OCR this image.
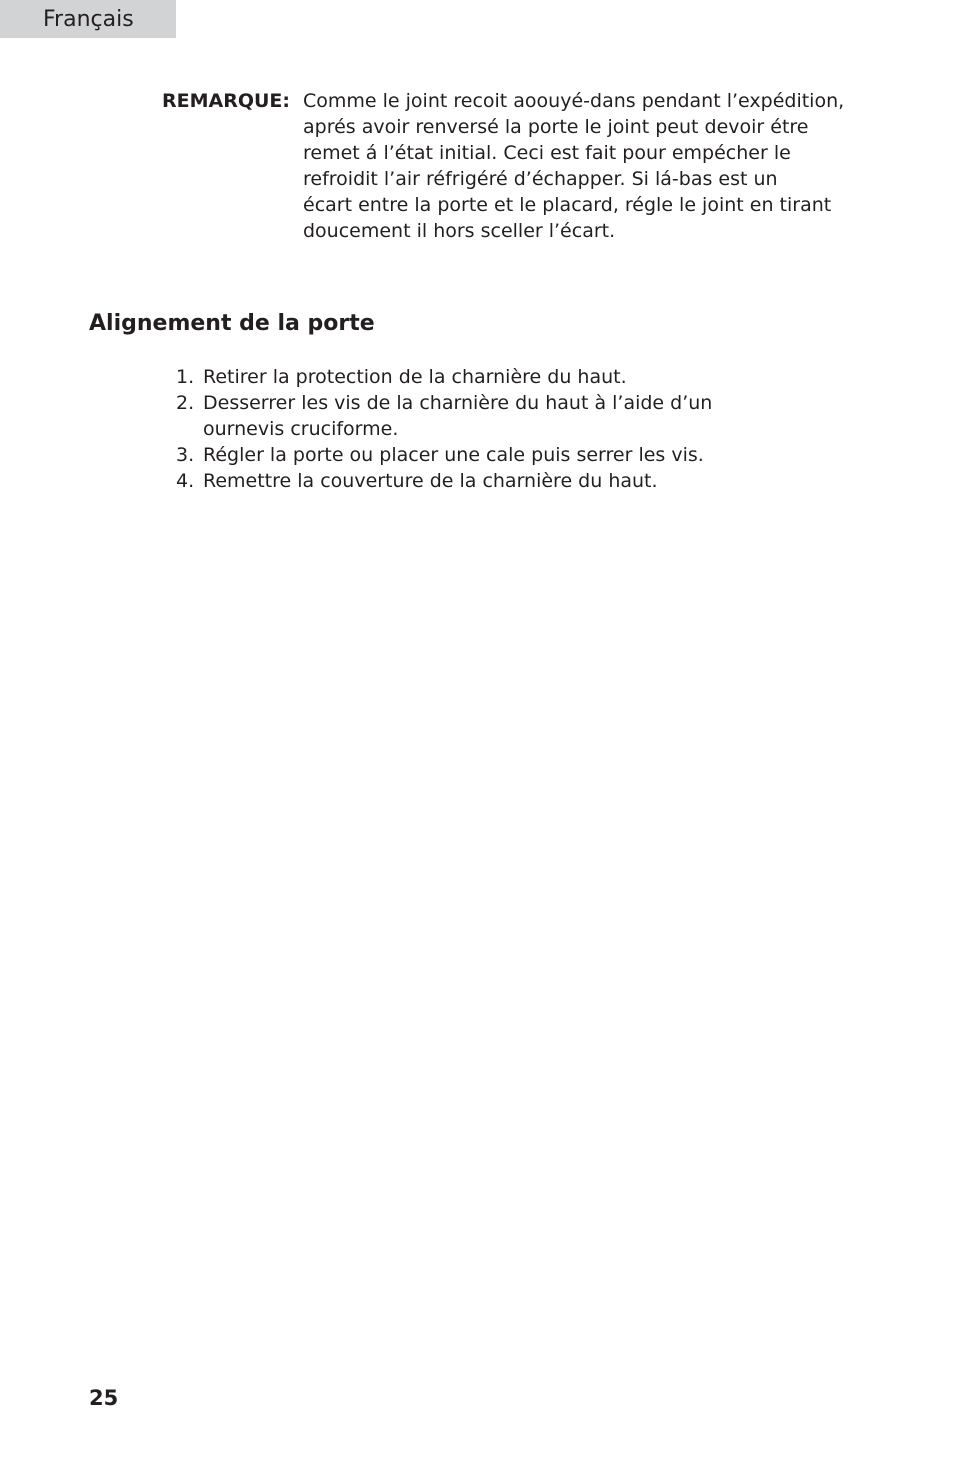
Français
REMARQUE: Comme le joint recoit aoouyé-dans pendant l’expédition,
aprés avoir renversé la porte le joint peut devoir étre
remet á l’état initial. Ceci est fait pour empécher le
refroidit l’air réfrigéré d’échapper. Si lá-bas est un
écart entre la porte et le placard, régle le joint en tirant
doucement il hors sceller l’écart.
Alignement de la porte
1. Retirer la protection de la charnière du haut.
2. Desserrer les vis de la charnière du haut à l’aide d’un
ournevis cruciforme.
3. Régler la porte ou placer une cale puis serrer les vis.
4. Remettre la couverture de la charnière du haut.
25
